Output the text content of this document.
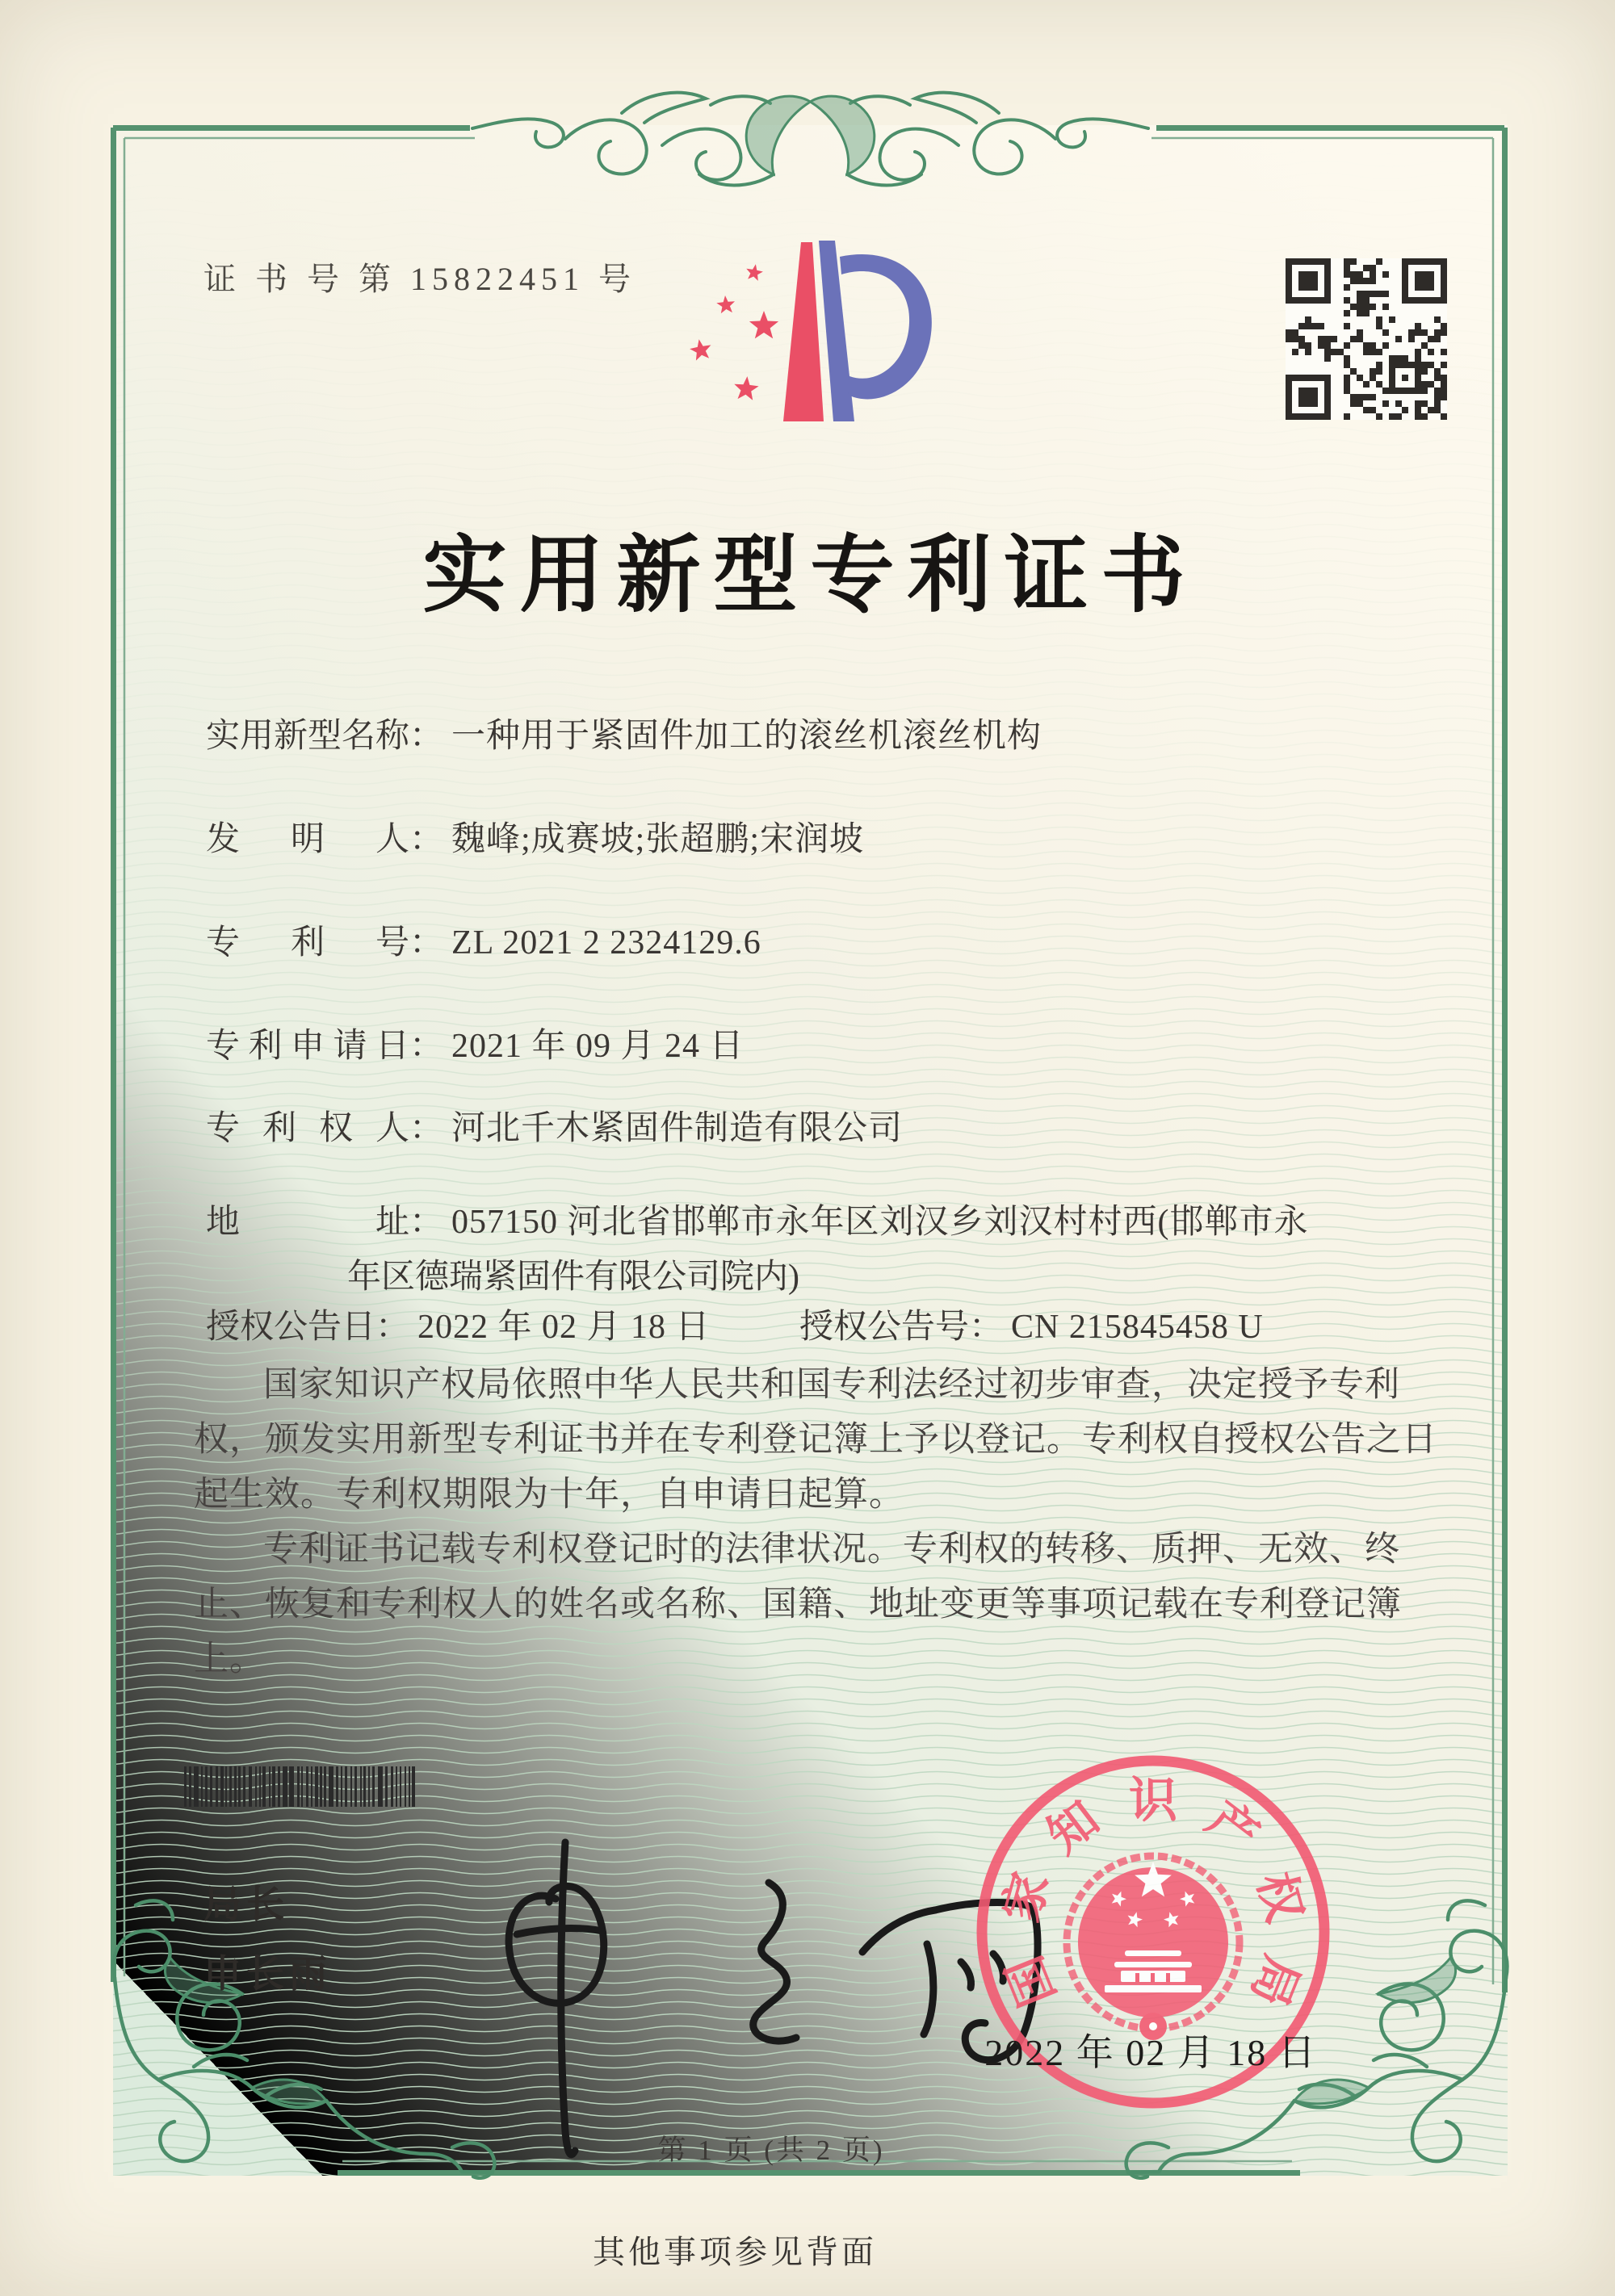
证 书 号 第 15822451 号
实用新型专利证书
实用新型名称： 一种用于紧固件加工的滚丝机滚丝机构
发明人： 魏峰;成赛坡;张超鹏;宋润坡
专利号： ZL 2021 2 2324129.6
专利申请日： 2021 年 09 月 24 日
专利权人： 河北千木紧固件制造有限公司
地址： 057150 河北省邯郸市永年区刘汉乡刘汉村村西(邯郸市永
年区德瑞紧固件有限公司院内)
授权公告日： 2022 年 02 月 18 日	授权公告号： CN 215845458 U

国家知识产权局依照中华人民共和国专利法经过初步审查，决定授予专利权，颁发实用新型专利证书并在专利登记簿上予以登记。专利权自授权公告之日起生效。专利权期限为十年，自申请日起算。

专利证书记载专利权登记时的法律状况。专利权的转移、质押、无效、终止、恢复和专利权人的姓名或名称、国籍、地址变更等事项记载在专利登记簿上。

局长
申长雨	国
家
知 识 产
权
局
2022 年 02 月 18 日
第 1 页 (共 2 页)
其他事项参见背面
